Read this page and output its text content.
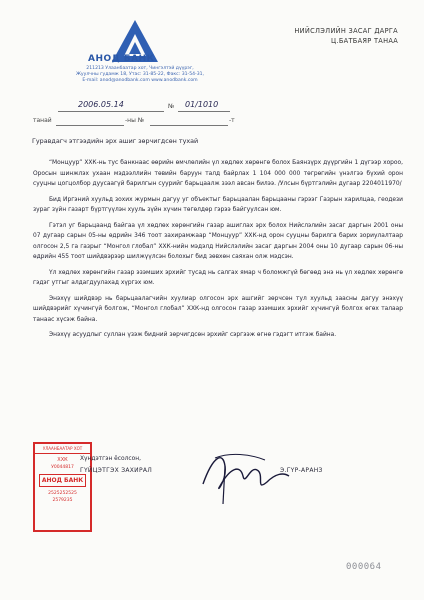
АНОД БАНК
211213 Улаанбаатар хот, Чингэлтэй дүүрэг,
Жуулчны гудамж 18, Утас: 31-85-22, Факс: 31-54-31,
E-mail: anod@anodbank.com www.anodbank.com
НИЙСЛЭЛИЙН ЗАСАГ ДАРГА
Ц.БАТБАЯР ТАНАА
2006.05.14	№ 01/1010
танай	-ны №	-т
Гуравдагч этгээдийн эрх ашиг зөрчигдсөн тухай

“Монцуур” ХХК-нь тус банкнаас өөрийн өмчлөлийн үл хөдлөх хөрөнгө болох Баянзүрх дүүргийн 1 дүгээр хороо, Оросын шинжлэх ухаан мэдээллийн төвийн баруун талд байрлах 1 104 000 000 төгрөгийн үнэлгээ бүхий орон сууцны цогцолбор дуусаагүй барилгын суурийг барьцаалж зээл авсан билээ. /Улсын бүртгэлийн дугаар 2204011970/

Бид Иргэний хуульд зохих журмын дагуу уг объектыг барьцаалан барьцааны гэрээг Газрын харилцаа, геодези зураг зүйн газарт бүртгүүлэн хууль зүйн хүчин төгөлдөр гэрээ байгуулсан юм.

Гэтэл уг барьцаанд байгаа үл хөдлөх хөрөнгийн газар ашиглах эрх болох Нийслэлийн засаг даргын 2001 оны 07 дугаар сарын 05-ны өдрийн 346 тоот захирамжаар “Монцуур” ХХК-нд орон сууцны барилга барих зориулалтаар олгосон 2,5 га газрыг “Монгол глобал” ХХК-нийн мэдэлд Нийслэлийн засаг даргын 2004 оны 10 дугаар сарын 06-ны өдрийн 455 тоот шийдвэрээр шилжүүлсэн болохыг бид зөвхөн саяхан олж мэдсэн.

Үл хөдлөх хөрөнгийн газар эзэмших эрхийг тусад нь салгах ямар ч боломжгүй бөгөөд энэ нь үл хөдлөх хөрөнгө гэдэг утгыг алдагдуулахад хүргэх юм.

Энэхүү шийдвэр нь барьцаалагчийн хуулиар олгосон эрх ашгийг зөрчсөн тул хуульд заасны дагуу энэхүү шийдвэрийг хүчингүй болгож, “Монгол глобал” ХХК-нд олгосон газар эзэмших эрхийг хүчингүй болгох өгөх талаар танаас хүсэж байна.

Энэхүү асуудлыг суллан үзэж бидний зөрчигдсөн эрхийг сэргээж өгнө гэдэгт итгэж байна.

УЛААНБААТАР ХОТ
ХХК
У0044817
АНОД БАНК
2525252525
2579235
Хүндэтгэн ёсолсон,
ГҮЙЦЭТГЭХ ЗАХИРАЛ	Э.ГҮР-АРАНЗ
000064
